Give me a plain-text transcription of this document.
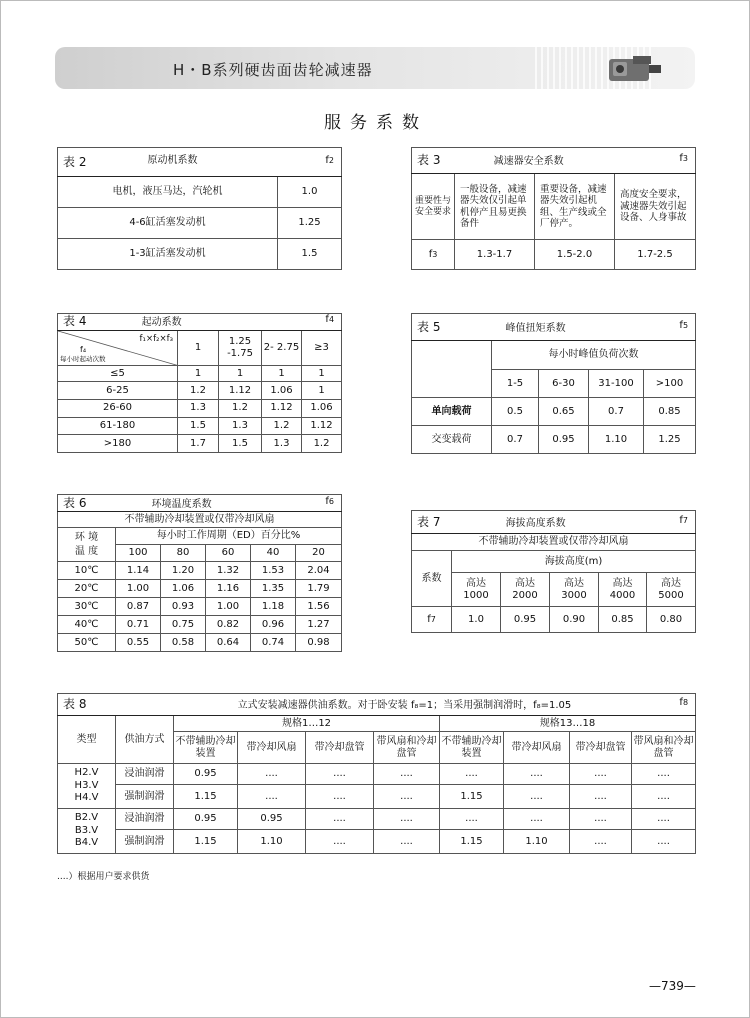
H・B系列硬齿面齿轮减速器
服务系数
表 2 原动机系数 f2	

电机，液压马达，汽轮机	1.0
4-6缸活塞发动机	1.25
1-3缸活塞发动机	1.5
表 3 减速器安全系数 f3			

重要性与安全要求	一般设备，减速器失效仅引起单机停产且易更换备件	重要设备，减速器失效引起机组、生产线或全厂停产。	高度安全要求，减速器失效引起设备、人身事故
f3	1.3-1.7	1.5-2.0	1.7-2.5
表 4 起动系数 f4				

f₁×f₂×f₃
f₄
每小时起动次数	1	1.25 -1.75	2- 2.75	≥3
≤5	1	1	1	1
6-25	1.2	1.12	1.06	1
26-60	1.3	1.2	1.12	1.06
61-180	1.5	1.3	1.2	1.12
>180	1.7	1.5	1.3	1.2
表 5 峰值扭矩系数 f5				

	每小时峰值负荷次数			
	1-5	6-30	31-100	>100
单向载荷	0.5	0.65	0.7	0.85
交变载荷	0.7	0.95	1.10	1.25
表 6 环境温度系数 f6					

不带辅助冷却装置或仅带冷却风扇					
环 境 温 度	每小时工作周期（ED）百分比%				
	100	80	60	40	20
10℃	1.14	1.20	1.32	1.53	2.04
20℃	1.00	1.06	1.16	1.35	1.79
30℃	0.87	0.93	1.00	1.18	1.56
40℃	0.71	0.75	0.82	0.96	1.27
50℃	0.55	0.58	0.64	0.74	0.98
表 7 海拔高度系数 f7					

不带辅助冷却装置或仅带冷却风扇					
系数	海拔高度(m)				
	高达 1000	高达 2000	高达 3000	高达 4000	高达 5000
f7	1.0	0.95	0.90	0.85	0.80
表 8 立式安装减速器供油系数。对于卧安装 f₈=1；当采用强制润滑时，f₈=1.05 f8									

类型	供油方式	规格1…12				规格13…18			
		不带辅助冷却装置	带冷却风扇	带冷却盘管	带风扇和冷却盘管	不带辅助冷却装置	带冷却风扇	带冷却盘管	带风扇和冷却盘管

H2.V
H3.V
H4.V	浸油润滑	0.95	....	....	....	....	....	....	....
	强制润滑	1.15	....	....	....	1.15	....	....	....

B2.V
B3.V
B4.V	浸油润滑	0.95	0.95	....	....	....	....	....	....
	强制润滑	1.15	1.10	....	....	1.15	1.10	....	....
....）根据用户要求供货
—739—
